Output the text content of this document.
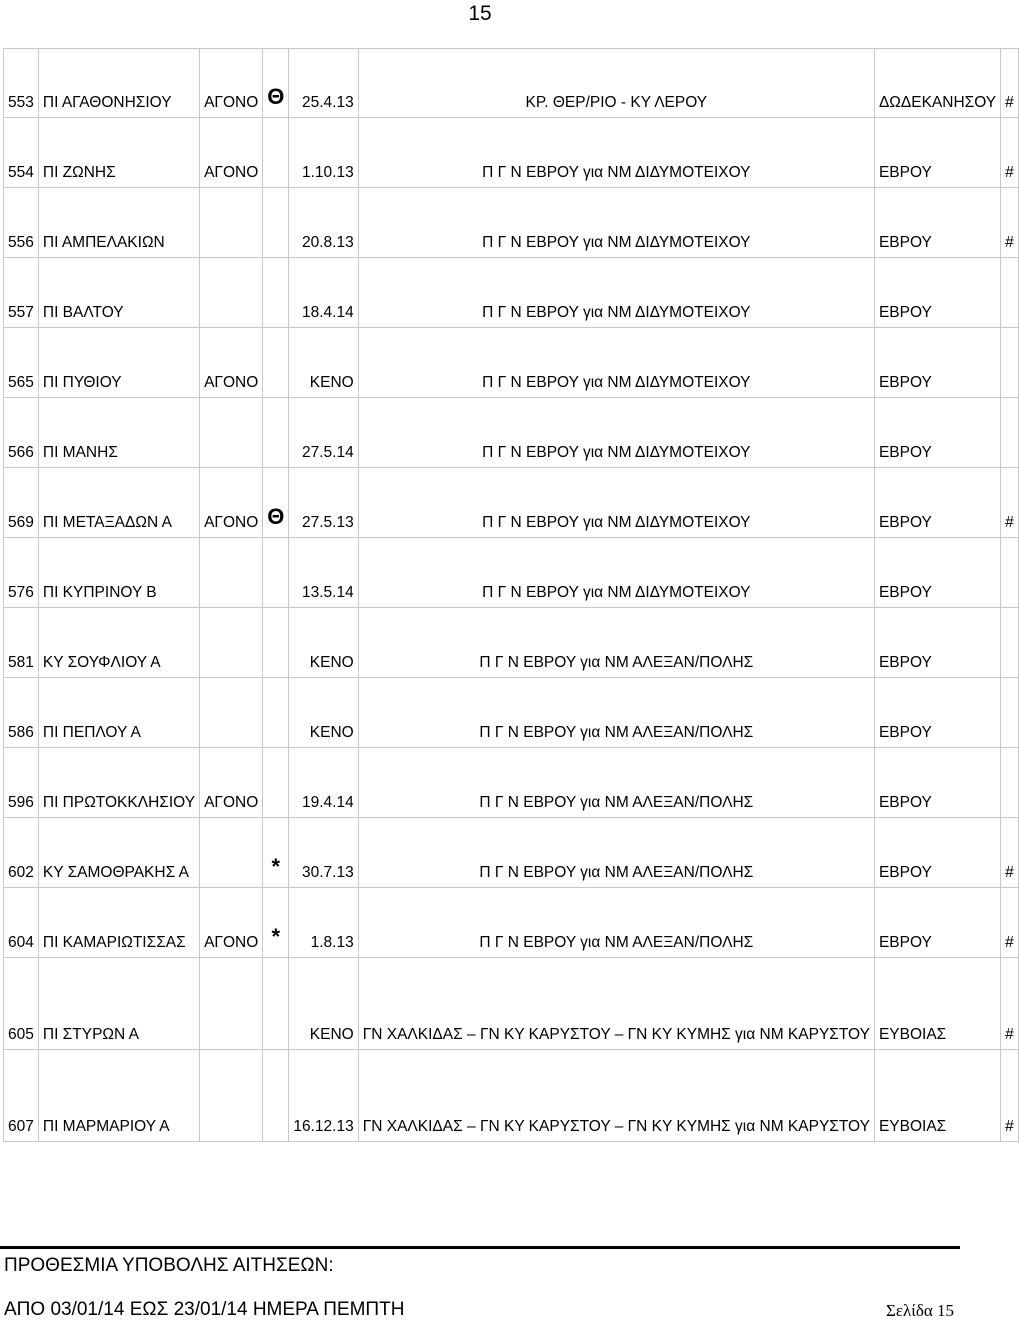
15
553	ΠΙ ΑΓΑΘΟΝΗΣΙΟΥ	ΑΓΟΝΟ	Θ	25.4.13	ΚΡ. ΘΕΡ/ΡΙΟ - ΚΥ ΛΕΡΟΥ	ΔΩΔΕΚΑΝΗΣΟΥ	#
554	ΠΙ ΖΩΝΗΣ	ΑΓΟΝΟ		1.10.13	Π Γ Ν ΕΒΡΟΥ για ΝΜ ΔΙΔΥΜΟΤΕΙΧΟΥ	ΕΒΡΟΥ	#
556	ΠΙ ΑΜΠΕΛΑΚΙΩΝ			20.8.13	Π Γ Ν ΕΒΡΟΥ για ΝΜ ΔΙΔΥΜΟΤΕΙΧΟΥ	ΕΒΡΟΥ	#
557	ΠΙ ΒΑΛΤΟΥ			18.4.14	Π Γ Ν ΕΒΡΟΥ για ΝΜ ΔΙΔΥΜΟΤΕΙΧΟΥ	ΕΒΡΟΥ	
565	ΠΙ ΠΥΘΙΟΥ	ΑΓΟΝΟ		ΚΕΝΟ	Π Γ Ν ΕΒΡΟΥ για ΝΜ ΔΙΔΥΜΟΤΕΙΧΟΥ	ΕΒΡΟΥ	
566	ΠΙ ΜΑΝΗΣ			27.5.14	Π Γ Ν ΕΒΡΟΥ για ΝΜ ΔΙΔΥΜΟΤΕΙΧΟΥ	ΕΒΡΟΥ	
569	ΠΙ ΜΕΤΑΞΑΔΩΝ Α	ΑΓΟΝΟ	Θ	27.5.13	Π Γ Ν ΕΒΡΟΥ για ΝΜ ΔΙΔΥΜΟΤΕΙΧΟΥ	ΕΒΡΟΥ	#
576	ΠΙ ΚΥΠΡΙΝΟΥ Β			13.5.14	Π Γ Ν ΕΒΡΟΥ για ΝΜ ΔΙΔΥΜΟΤΕΙΧΟΥ	ΕΒΡΟΥ	
581	ΚΥ ΣΟΥΦΛΙΟΥ Α			ΚΕΝΟ	Π Γ Ν ΕΒΡΟΥ για ΝΜ ΑΛΕΞΑΝ/ΠΟΛΗΣ	ΕΒΡΟΥ	
586	ΠΙ ΠΕΠΛΟΥ Α			ΚΕΝΟ	Π Γ Ν ΕΒΡΟΥ για ΝΜ ΑΛΕΞΑΝ/ΠΟΛΗΣ	ΕΒΡΟΥ	
596	ΠΙ ΠΡΩΤΟΚΚΛΗΣΙΟΥ	ΑΓΟΝΟ		19.4.14	Π Γ Ν ΕΒΡΟΥ για ΝΜ ΑΛΕΞΑΝ/ΠΟΛΗΣ	ΕΒΡΟΥ	
602	ΚΥ ΣΑΜΟΘΡΑΚΗΣ Α		*	30.7.13	Π Γ Ν ΕΒΡΟΥ για ΝΜ ΑΛΕΞΑΝ/ΠΟΛΗΣ	ΕΒΡΟΥ	#
604	ΠΙ ΚΑΜΑΡΙΩΤΙΣΣΑΣ	ΑΓΟΝΟ	*	1.8.13	Π Γ Ν ΕΒΡΟΥ για ΝΜ ΑΛΕΞΑΝ/ΠΟΛΗΣ	ΕΒΡΟΥ	#
605	ΠΙ ΣΤΥΡΩΝ Α			ΚΕΝΟ	ΓΝ ΧΑΛΚΙΔΑΣ – ΓΝ ΚΥ ΚΑΡΥΣΤΟΥ – ΓΝ ΚΥ ΚΥΜΗΣ για ΝΜ ΚΑΡΥΣΤΟΥ	ΕΥΒΟΙΑΣ	#
607	ΠΙ ΜΑΡΜΑΡΙΟΥ Α			16.12.13	ΓΝ ΧΑΛΚΙΔΑΣ – ΓΝ ΚΥ ΚΑΡΥΣΤΟΥ – ΓΝ ΚΥ ΚΥΜΗΣ για ΝΜ ΚΑΡΥΣΤΟΥ	ΕΥΒΟΙΑΣ	#
ΠΡΟΘΕΣΜΙΑ ΥΠΟΒΟΛΗΣ ΑΙΤΗΣΕΩΝ:
ΑΠΟ 03/01/14 ΕΩΣ 23/01/14 ΗΜΕΡΑ ΠΕΜΠΤΗ	Σελίδα 15
